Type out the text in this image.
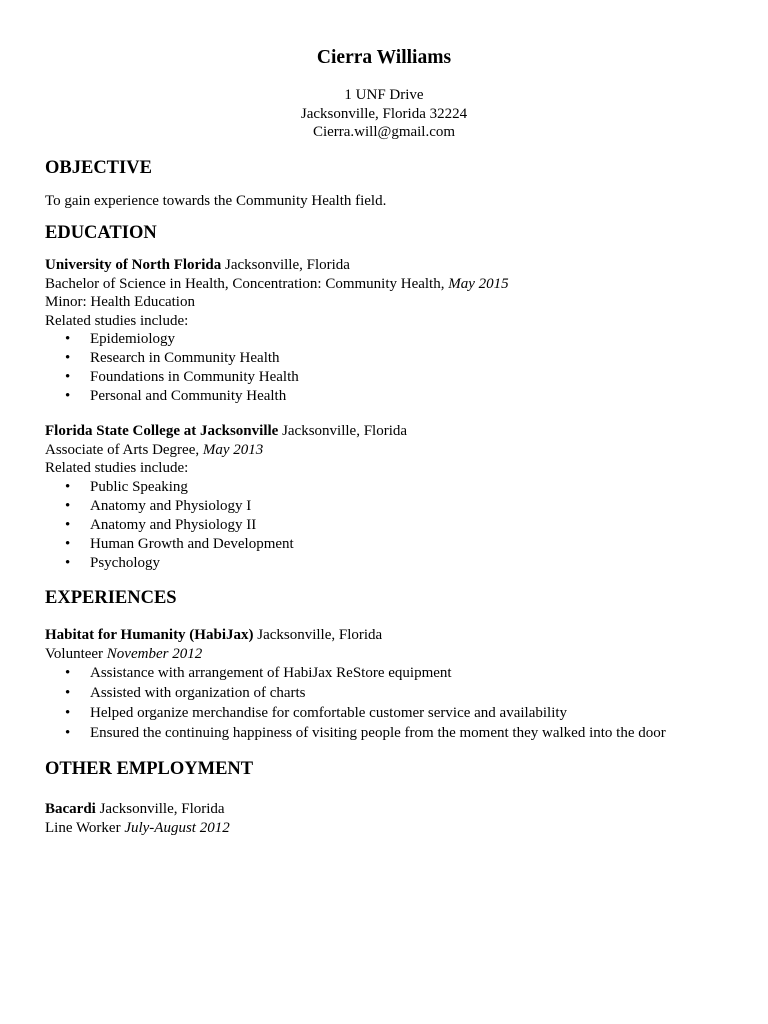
Cierra Williams
1 UNF Drive
Jacksonville, Florida 32224
Cierra.will@gmail.com
OBJECTIVE
To gain experience towards the Community Health field.
EDUCATION
University of North Florida Jacksonville, Florida
Bachelor of Science in Health, Concentration: Community Health, May 2015
Minor: Health Education
Related studies include:
• Epidemiology
• Research in Community Health
• Foundations in Community Health
• Personal and Community Health
Florida State College at Jacksonville Jacksonville, Florida
Associate of Arts Degree, May 2013
Related studies include:
• Public Speaking
• Anatomy and Physiology I
• Anatomy and Physiology II
• Human Growth and Development
• Psychology
EXPERIENCES
Habitat for Humanity (HabiJax) Jacksonville, Florida
Volunteer November 2012
• Assistance with arrangement of HabiJax ReStore equipment
• Assisted with organization of charts
• Helped organize merchandise for comfortable customer service and availability
• Ensured the continuing happiness of visiting people from the moment they walked into the door
OTHER EMPLOYMENT
Bacardi Jacksonville, Florida
Line Worker July-August 2012
